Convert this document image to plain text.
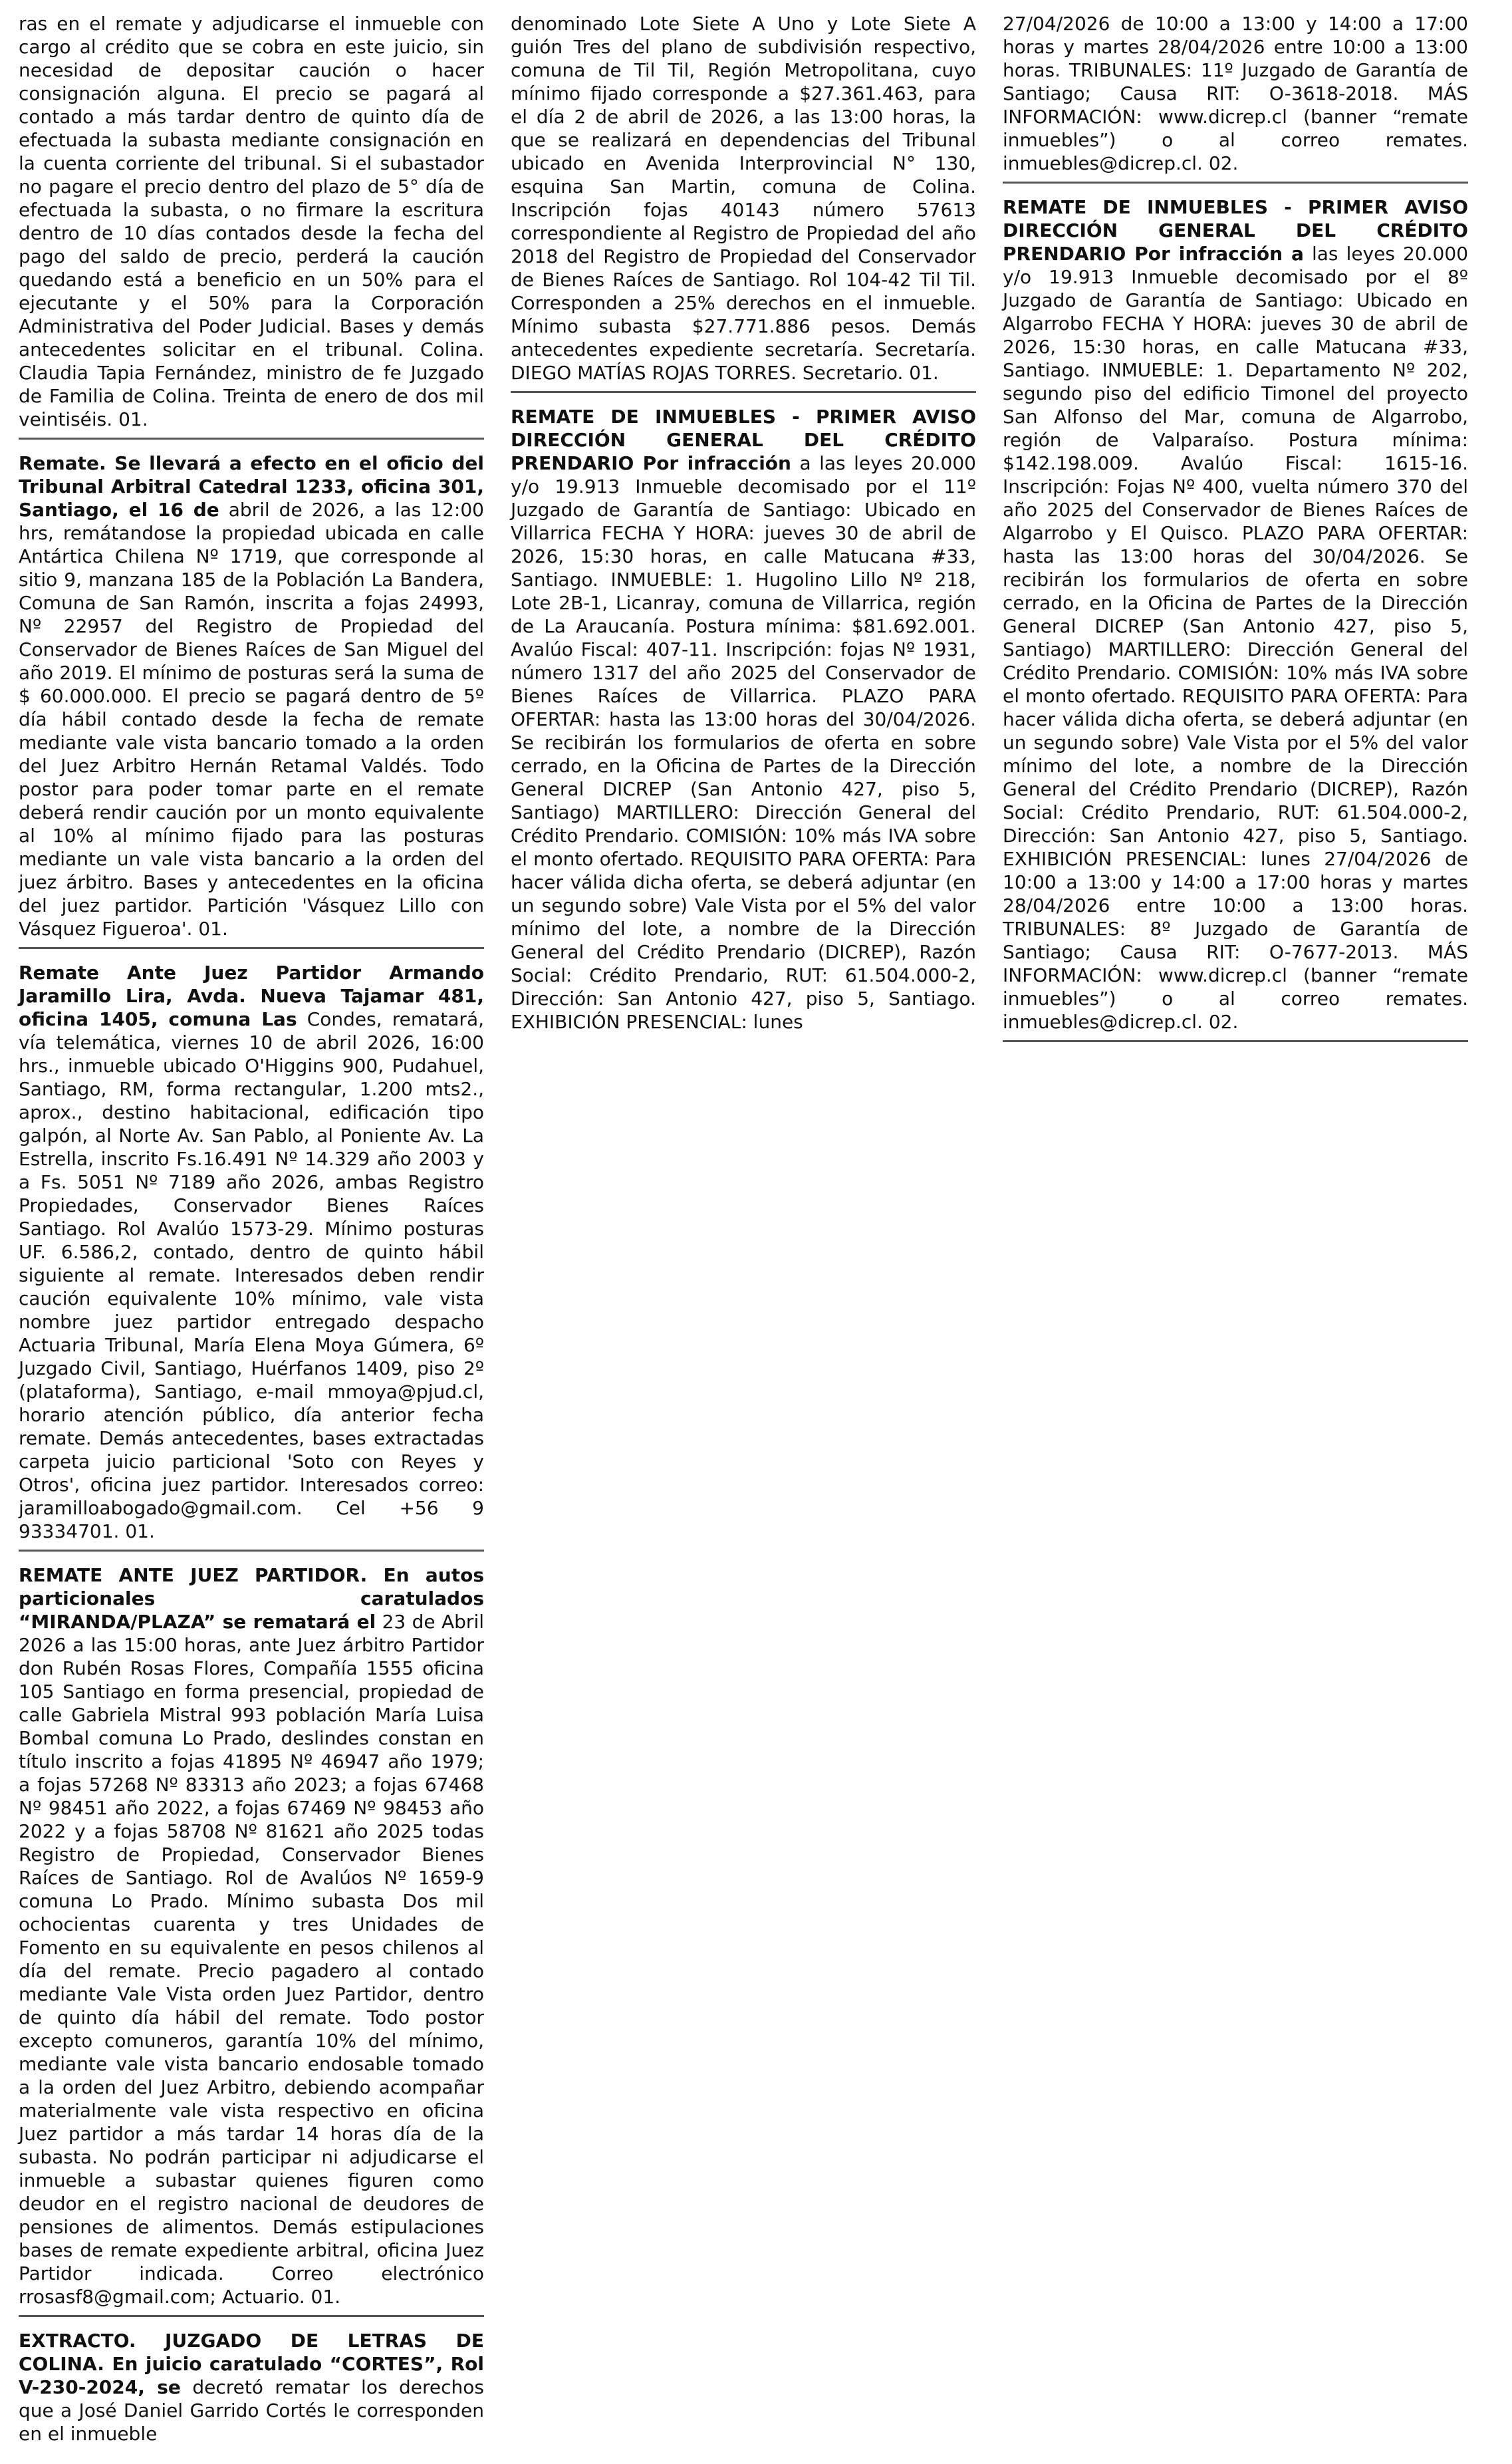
ras en el remate y adjudicarse el inmueble con cargo al crédito que se cobra en este juicio, sin necesidad de depositar caución o hacer consignación alguna. El precio se pagará al contado a más tardar dentro de quinto día de efectuada la subasta mediante consignación en la cuenta corriente del tribunal. Si el subastador no pagare el precio dentro del plazo de 5° día de efectuada la subasta, o no firmare la escritura dentro de 10 días contados desde la fecha del pago del saldo de precio, perderá la caución quedando está a beneficio en un 50% para el ejecutante y el 50% para la Corporación Administrativa del Poder Judicial. Bases y demás antecedentes solicitar en el tribunal. Colina. Claudia Tapia Fernández, ministro de fe Juzgado de Familia de Colina. Treinta de enero de dos mil veintiséis. 01.

Remate. Se llevará a efecto en el oficio del Tribunal Arbitral Catedral 1233, oficina 301, Santiago, el 16 de abril de 2026, a las 12:00 hrs, remátandose la propiedad ubicada en calle Antártica Chilena Nº 1719, que corresponde al sitio 9, manzana 185 de la Población La Bandera, Comuna de San Ramón, inscrita a fojas 24993, Nº 22957 del Registro de Propiedad del Conservador de Bienes Raíces de San Miguel del año 2019. El mínimo de posturas será la suma de $ 60.000.000. El precio se pagará dentro de 5º día hábil contado desde la fecha de remate mediante vale vista bancario tomado a la orden del Juez Arbitro Hernán Retamal Valdés. Todo postor para poder tomar parte en el remate deberá rendir caución por un monto equivalente al 10% al mínimo fijado para las posturas mediante un vale vista bancario a la orden del juez árbitro. Bases y antecedentes en la oficina del juez partidor. Partición 'Vásquez Lillo con Vásquez Figueroa'. 01.

Remate Ante Juez Partidor Armando Jaramillo Lira, Avda. Nueva Tajamar 481, oficina 1405, comuna Las Condes, rematará, vía telemática, viernes 10 de abril 2026, 16:00 hrs., inmueble ubicado O'Higgins 900, Pudahuel, Santiago, RM, forma rectangular, 1.200 mts2., aprox., destino habitacional, edificación tipo galpón, al Norte Av. San Pablo, al Poniente Av. La Estrella, inscrito Fs.16.491 Nº 14.329 año 2003 y a Fs. 5051 Nº 7189 año 2026, ambas Registro Propiedades, Conservador Bienes Raíces Santiago. Rol Avalúo 1573-29. Mínimo posturas UF. 6.586,2, contado, dentro de quinto hábil siguiente al remate. Interesados deben rendir caución equivalente 10% mínimo, vale vista nombre juez partidor entregado despacho Actuaria Tribunal, María Elena Moya Gúmera, 6º Juzgado Civil, Santiago, Huérfanos 1409, piso 2º (plataforma), Santiago, e-mail mmoya@pjud.cl, horario atención público, día anterior fecha remate. Demás antecedentes, bases extractadas carpeta juicio particional 'Soto con Reyes y Otros', oficina juez partidor. Interesados correo: jaramilloabogado@gmail.com. Cel +56 9 93334701. 01.

REMATE ANTE JUEZ PARTIDOR. En autos particionales caratulados “MIRANDA/PLAZA” se rematará el 23 de Abril 2026 a las 15:00 horas, ante Juez árbitro Partidor don Rubén Rosas Flores, Compañía 1555 oficina 105 Santiago en forma presencial, propiedad de calle Gabriela Mistral 993 población María Luisa Bombal comuna Lo Prado, deslindes constan en título inscrito a fojas 41895 Nº 46947 año 1979; a fojas 57268 Nº 83313 año 2023; a fojas 67468 Nº 98451 año 2022, a fojas 67469 Nº 98453 año 2022 y a fojas 58708 Nº 81621 año 2025 todas Registro de Propiedad, Conservador Bienes Raíces de Santiago. Rol de Avalúos Nº 1659-9 comuna Lo Prado. Mínimo subasta Dos mil ochocientas cuarenta y tres Unidades de Fomento en su equivalente en pesos chilenos al día del remate. Precio pagadero al contado mediante Vale Vista orden Juez Partidor, dentro de quinto día hábil del remate. Todo postor excepto comuneros, garantía 10% del mínimo, mediante vale vista bancario endosable tomado a la orden del Juez Arbitro, debiendo acompañar materialmente vale vista respectivo en oficina Juez partidor a más tardar 14 horas día de la subasta. No podrán participar ni adjudicarse el inmueble a subastar quienes figuren como deudor en el registro nacional de deudores de pensiones de alimentos. Demás estipulaciones bases de remate expediente arbitral, oficina Juez Partidor indicada. Correo electrónico rrosasf8@gmail.com; Actuario. 01.

EXTRACTO. JUZGADO DE LETRAS DE COLINA. En juicio caratulado “CORTES”, Rol V-230-2024, se decretó rematar los derechos que a José Daniel Garrido Cortés le corresponden en el inmueble

denominado Lote Siete A Uno y Lote Siete A guión Tres del plano de subdivisión respectivo, comuna de Til Til, Región Metropolitana, cuyo mínimo fijado corresponde a $27.361.463, para el día 2 de abril de 2026, a las 13:00 horas, la que se realizará en dependencias del Tribunal ubicado en Avenida Interprovincial N° 130, esquina San Martin, comuna de Colina. Inscripción fojas 40143 número 57613 correspondiente al Registro de Propiedad del año 2018 del Registro de Propiedad del Conservador de Bienes Raíces de Santiago. Rol 104-42 Til Til. Corresponden a 25% derechos en el inmueble. Mínimo subasta $27.771.886 pesos. Demás antecedentes expediente secretaría. Secretaría. DIEGO MATÍAS ROJAS TORRES. Secretario. 01.

REMATE DE INMUEBLES - PRIMER AVISO DIRECCIÓN GENERAL DEL CRÉDITO PRENDARIO Por infracción a las leyes 20.000 y/o 19.913 Inmueble decomisado por el 11º Juzgado de Garantía de Santiago: Ubicado en Villarrica FECHA Y HORA: jueves 30 de abril de 2026, 15:30 horas, en calle Matucana #33, Santiago. INMUEBLE: 1. Hugolino Lillo Nº 218, Lote 2B-1, Licanray, comuna de Villarrica, región de La Araucanía. Postura mínima: $81.692.001. Avalúo Fiscal: 407-11. Inscripción: fojas Nº 1931, número 1317 del año 2025 del Conservador de Bienes Raíces de Villarrica. PLAZO PARA OFERTAR: hasta las 13:00 horas del 30/04/2026. Se recibirán los formularios de oferta en sobre cerrado, en la Oficina de Partes de la Dirección General DICREP (San Antonio 427, piso 5, Santiago) MARTILLERO: Dirección General del Crédito Prendario. COMISIÓN: 10% más IVA sobre el monto ofertado. REQUISITO PARA OFERTA: Para hacer válida dicha oferta, se deberá adjuntar (en un segundo sobre) Vale Vista por el 5% del valor mínimo del lote, a nombre de la Dirección General del Crédito Prendario (DICREP), Razón Social: Crédito Prendario, RUT: 61.504.000-2, Dirección: San Antonio 427, piso 5, Santiago. EXHIBICIÓN PRESENCIAL: lunes

27/04/2026 de 10:00 a 13:00 y 14:00 a 17:00 horas y martes 28/04/2026 entre 10:00 a 13:00 horas. TRIBUNALES: 11º Juzgado de Garantía de Santiago; Causa RIT: O-3618-2018. MÁS INFORMACIÓN: www.dicrep.cl (banner “remate inmuebles”) o al correo remates. inmuebles@dicrep.cl. 02.

REMATE DE INMUEBLES - PRIMER AVISO DIRECCIÓN GENERAL DEL CRÉDITO PRENDARIO Por infracción a las leyes 20.000 y/o 19.913 Inmueble decomisado por el 8º Juzgado de Garantía de Santiago: Ubicado en Algarrobo FECHA Y HORA: jueves 30 de abril de 2026, 15:30 horas, en calle Matucana #33, Santiago. INMUEBLE: 1. Departamento Nº 202, segundo piso del edificio Timonel del proyecto San Alfonso del Mar, comuna de Algarrobo, región de Valparaíso. Postura mínima: $142.198.009. Avalúo Fiscal: 1615-16. Inscripción: Fojas Nº 400, vuelta número 370 del año 2025 del Conservador de Bienes Raíces de Algarrobo y El Quisco. PLAZO PARA OFERTAR: hasta las 13:00 horas del 30/04/2026. Se recibirán los formularios de oferta en sobre cerrado, en la Oficina de Partes de la Dirección General DICREP (San Antonio 427, piso 5, Santiago) MARTILLERO: Dirección General del Crédito Prendario. COMISIÓN: 10% más IVA sobre el monto ofertado. REQUISITO PARA OFERTA: Para hacer válida dicha oferta, se deberá adjuntar (en un segundo sobre) Vale Vista por el 5% del valor mínimo del lote, a nombre de la Dirección General del Crédito Prendario (DICREP), Razón Social: Crédito Prendario, RUT: 61.504.000-2, Dirección: San Antonio 427, piso 5, Santiago. EXHIBICIÓN PRESENCIAL: lunes 27/04/2026 de 10:00 a 13:00 y 14:00 a 17:00 horas y martes 28/04/2026 entre 10:00 a 13:00 horas. TRIBUNALES: 8º Juzgado de Garantía de Santiago; Causa RIT: O-7677-2013. MÁS INFORMACIÓN: www.dicrep.cl (banner “remate inmuebles”) o al correo remates. inmuebles@dicrep.cl. 02.
